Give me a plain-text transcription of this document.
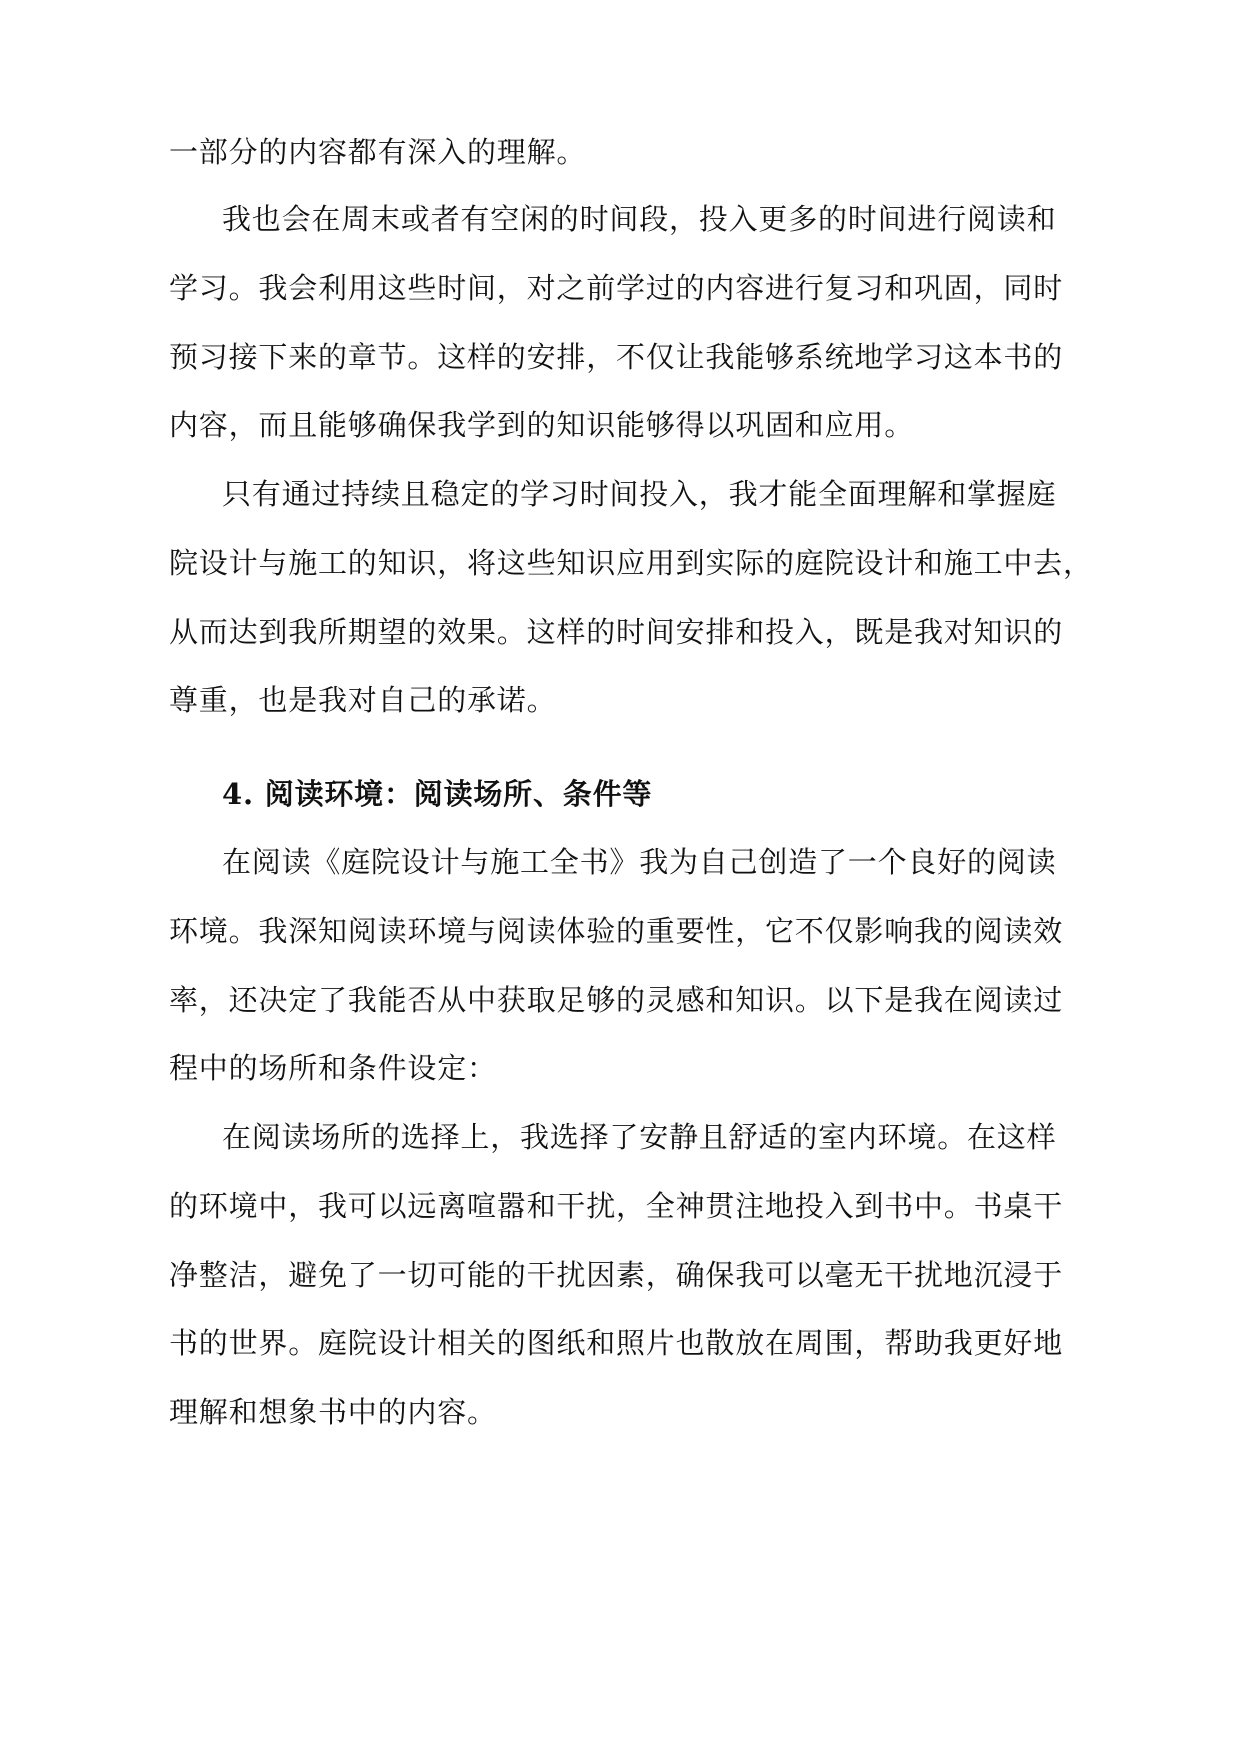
一部分的内容都有深入的理解。
我也会在周末或者有空闲的时间段，投入更多的时间进行阅读和
学习。我会利用这些时间，对之前学过的内容进行复习和巩固，同时
预习接下来的章节。这样的安排，不仅让我能够系统地学习这本书的
内容，而且能够确保我学到的知识能够得以巩固和应用。
只有通过持续且稳定的学习时间投入，我才能全面理解和掌握庭
院设计与施工的知识，将这些知识应用到实际的庭院设计和施工中去，
从而达到我所期望的效果。这样的时间安排和投入，既是我对知识的
尊重，也是我对自己的承诺。
4. 阅读环境：阅读场所、条件等
在阅读《庭院设计与施工全书》我为自己创造了一个良好的阅读
环境。我深知阅读环境与阅读体验的重要性，它不仅影响我的阅读效
率，还决定了我能否从中获取足够的灵感和知识。以下是我在阅读过
程中的场所和条件设定：
在阅读场所的选择上，我选择了安静且舒适的室内环境。在这样
的环境中，我可以远离喧嚣和干扰，全神贯注地投入到书中。书桌干
净整洁，避免了一切可能的干扰因素，确保我可以毫无干扰地沉浸于
书的世界。庭院设计相关的图纸和照片也散放在周围，帮助我更好地
理解和想象书中的内容。
